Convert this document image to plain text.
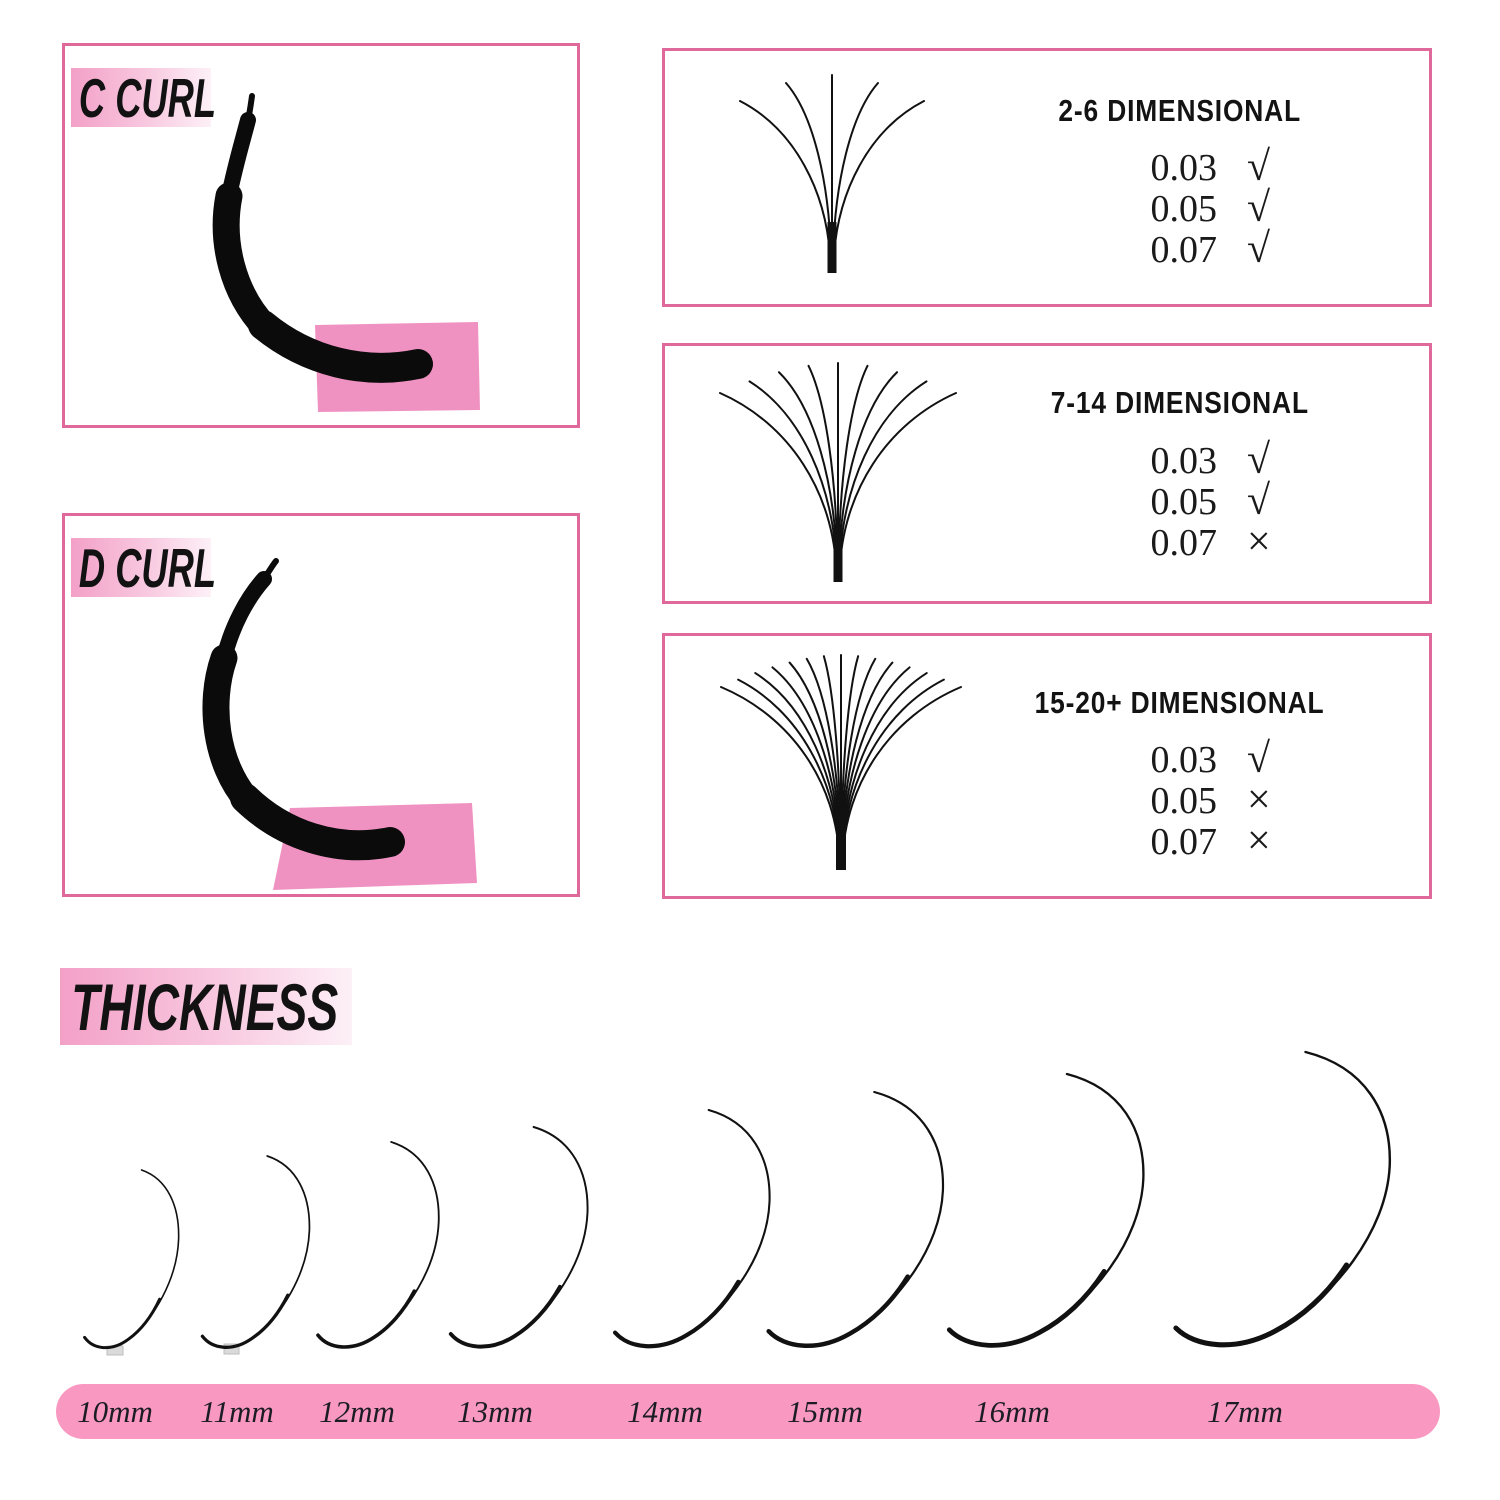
C CURL
D CURL
2-6 DIMENSIONAL
0.03 √
0.05 √
0.07 √
7-14 DIMENSIONAL
0.03 √
0.05 √
0.07 ×
15-20+ DIMENSIONAL
0.03 √
0.05 ×
0.07 ×
THICKNESS
10mm 11mm 12mm 13mm	14mm	15mm	16mm	17mm
